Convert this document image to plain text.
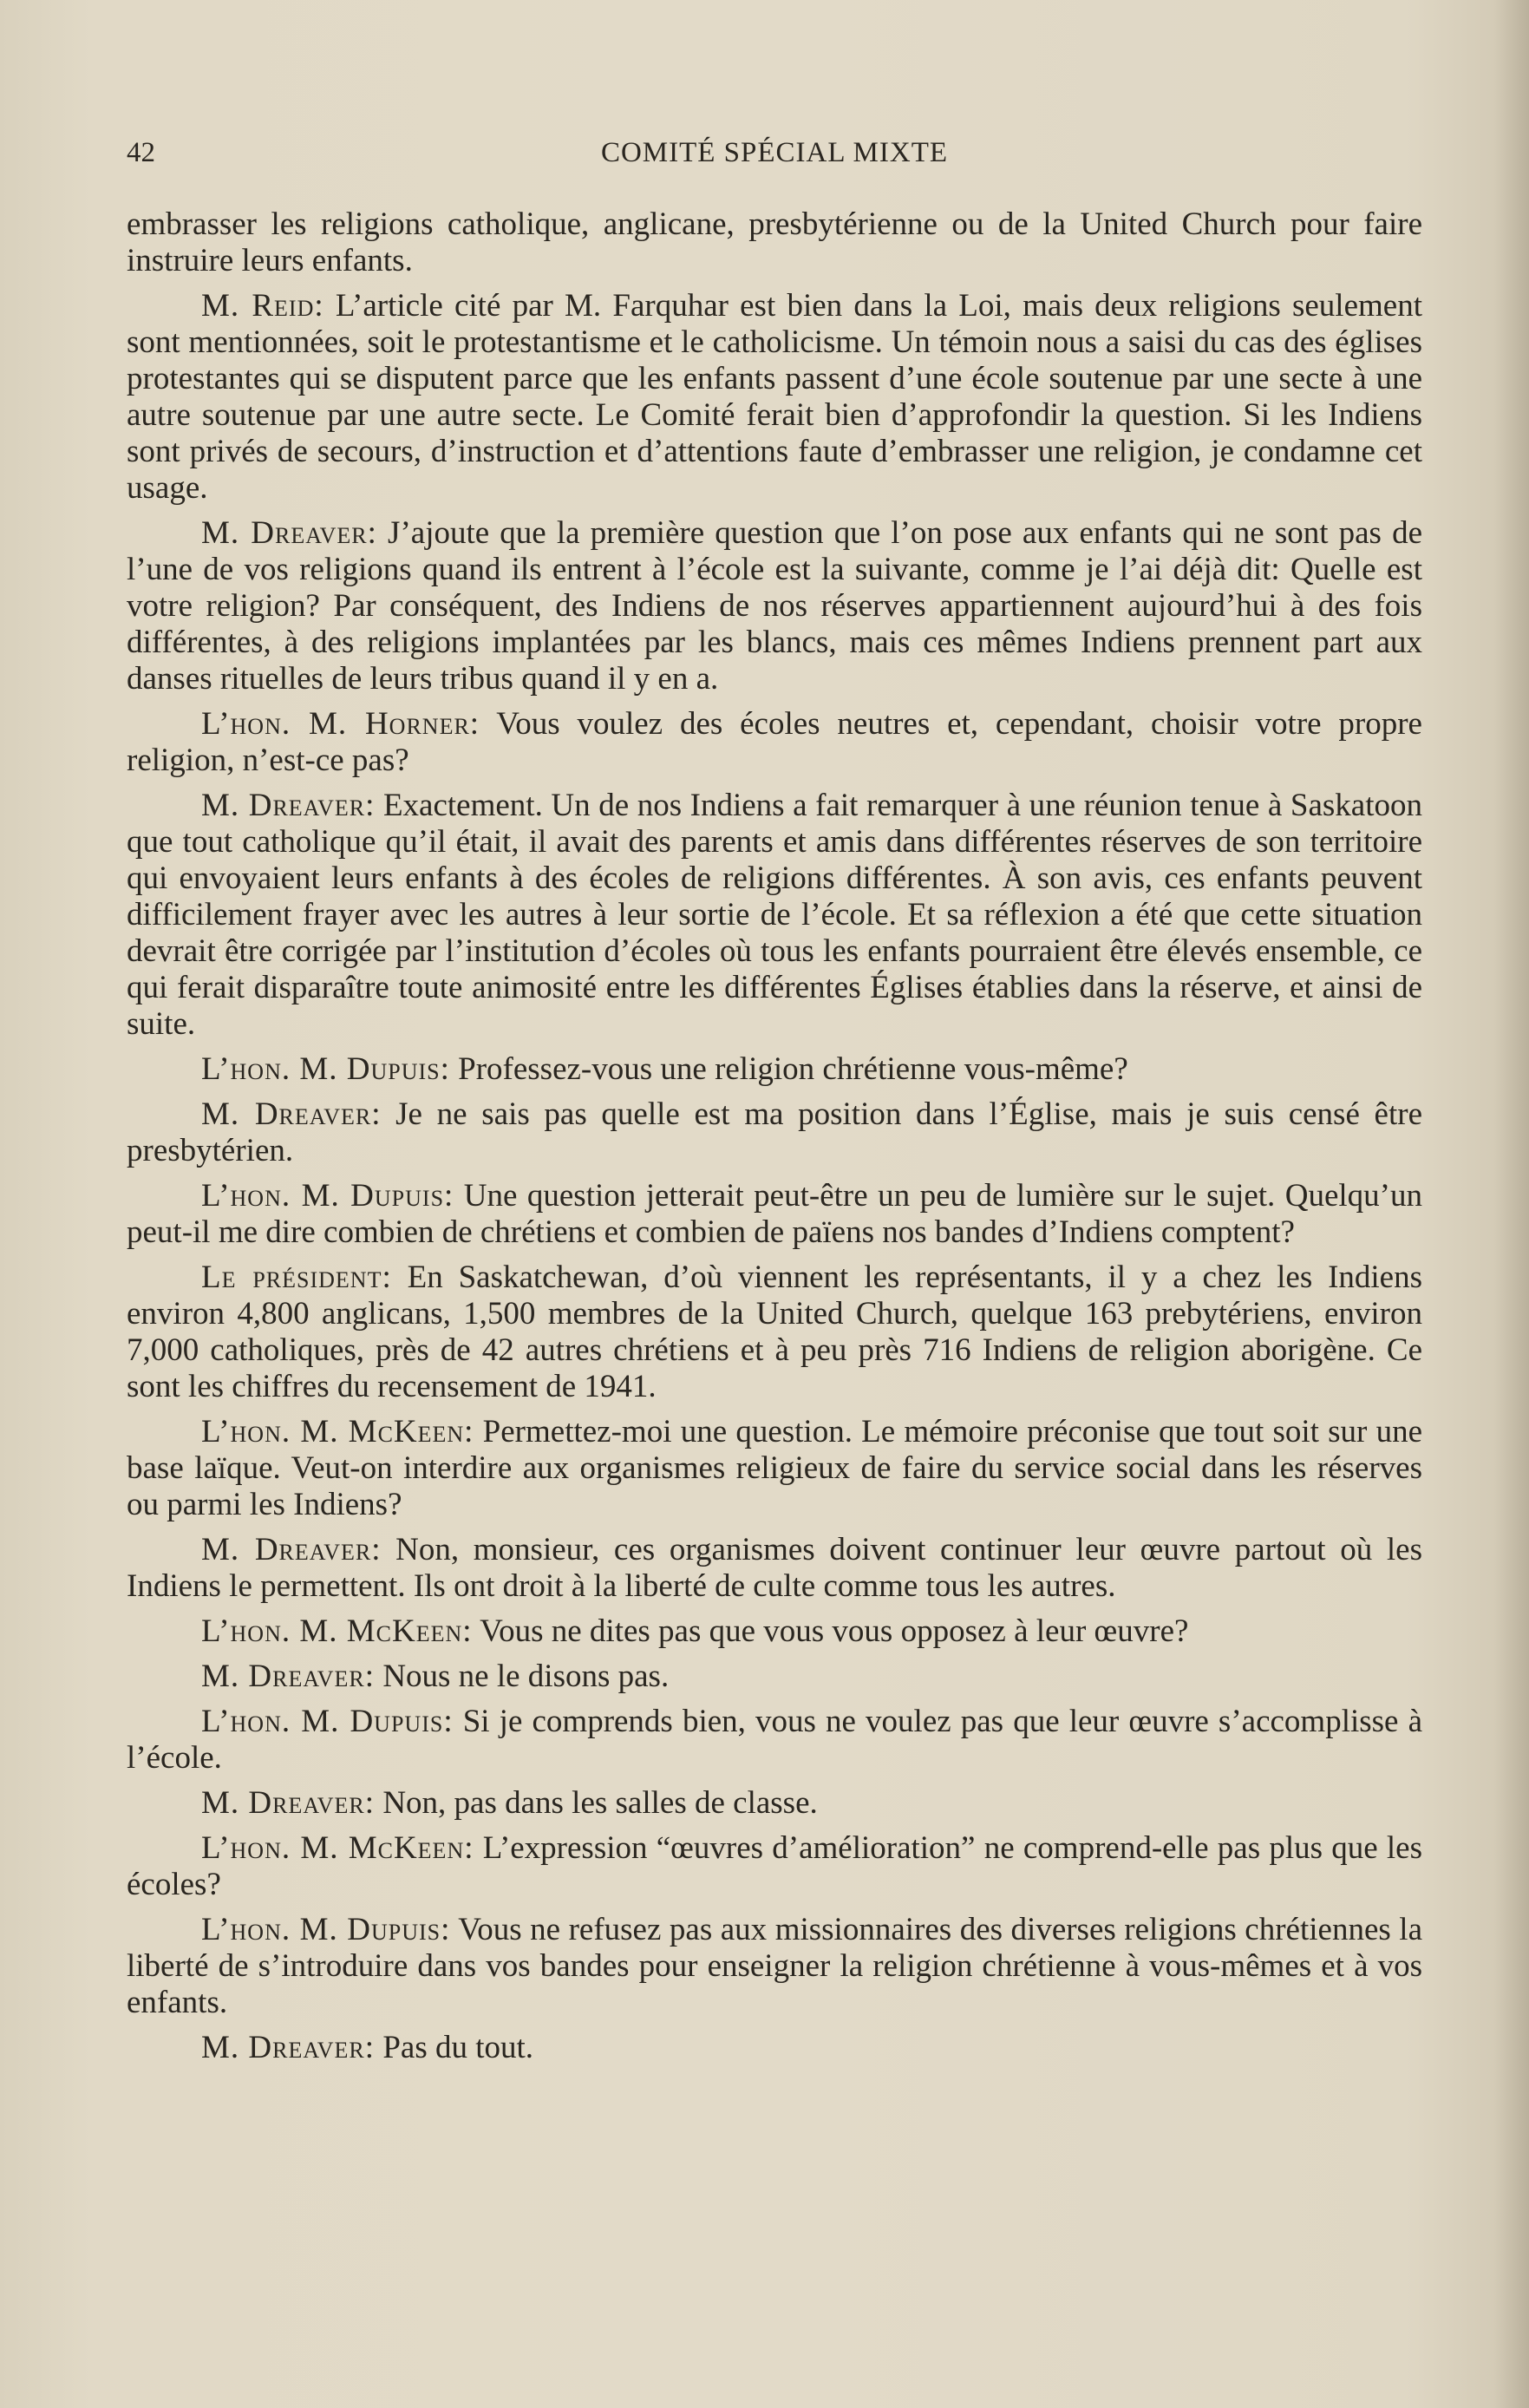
42	COMITÉ SPÉCIAL MIXTE

embrasser les religions catholique, anglicane, presbytérienne ou de la United Church pour faire instruire leurs enfants.

M. Reid: L’article cité par M. Farquhar est bien dans la Loi, mais deux religions seulement sont mentionnées, soit le protestantisme et le catholicisme. Un témoin nous a saisi du cas des églises protestantes qui se disputent parce que les enfants passent d’une école soutenue par une secte à une autre soutenue par une autre secte. Le Comité ferait bien d’approfondir la question. Si les Indiens sont privés de secours, d’instruction et d’attentions faute d’embrasser une religion, je condamne cet usage.

M. Dreaver: J’ajoute que la première question que l’on pose aux enfants qui ne sont pas de l’une de vos religions quand ils entrent à l’école est la suivante, comme je l’ai déjà dit: Quelle est votre religion? Par conséquent, des Indiens de nos réserves appartiennent aujourd’hui à des fois différentes, à des religions implantées par les blancs, mais ces mêmes Indiens prennent part aux danses rituelles de leurs tribus quand il y en a.

L’hon. M. Horner: Vous voulez des écoles neutres et, cependant, choisir votre propre religion, n’est-ce pas?

M. Dreaver: Exactement. Un de nos Indiens a fait remarquer à une réunion tenue à Saskatoon que tout catholique qu’il était, il avait des parents et amis dans différentes réserves de son territoire qui envoyaient leurs enfants à des écoles de religions différentes. À son avis, ces enfants peuvent difficilement frayer avec les autres à leur sortie de l’école. Et sa réflexion a été que cette situation devrait être corrigée par l’institution d’écoles où tous les enfants pourraient être élevés ensemble, ce qui ferait disparaître toute animosité entre les différentes Églises établies dans la réserve, et ainsi de suite.

L’hon. M. Dupuis: Professez-vous une religion chrétienne vous-même?

M. Dreaver: Je ne sais pas quelle est ma position dans l’Église, mais je suis censé être presbytérien.

L’hon. M. Dupuis: Une question jetterait peut-être un peu de lumière sur le sujet. Quelqu’un peut-il me dire combien de chrétiens et combien de païens nos bandes d’Indiens comptent?

Le président: En Saskatchewan, d’où viennent les représentants, il y a chez les Indiens environ 4,800 anglicans, 1,500 membres de la United Church, quelque 163 prebytériens, environ 7,000 catholiques, près de 42 autres chrétiens et à peu près 716 Indiens de religion aborigène. Ce sont les chiffres du recensement de 1941.

L’hon. M. McKeen: Permettez-moi une question. Le mémoire préconise que tout soit sur une base laïque. Veut-on interdire aux organismes religieux de faire du service social dans les réserves ou parmi les Indiens?

M. Dreaver: Non, monsieur, ces organismes doivent continuer leur œuvre partout où les Indiens le permettent. Ils ont droit à la liberté de culte comme tous les autres.

L’hon. M. McKeen: Vous ne dites pas que vous vous opposez à leur œuvre?

M. Dreaver: Nous ne le disons pas.

L’hon. M. Dupuis: Si je comprends bien, vous ne voulez pas que leur œuvre s’accomplisse à l’école.

M. Dreaver: Non, pas dans les salles de classe.

L’hon. M. McKeen: L’expression “œuvres d’amélioration” ne comprend-elle pas plus que les écoles?

L’hon. M. Dupuis: Vous ne refusez pas aux missionnaires des diverses religions chrétiennes la liberté de s’introduire dans vos bandes pour enseigner la religion chrétienne à vous-mêmes et à vos enfants.

M. Dreaver: Pas du tout.
